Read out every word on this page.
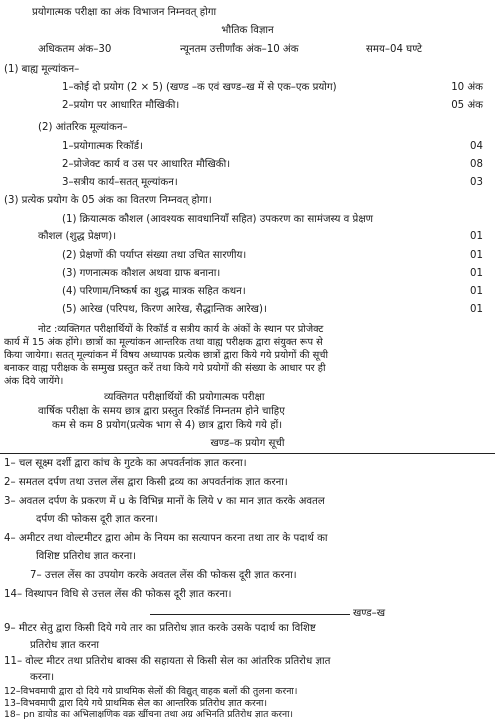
प्रयोगात्मक परीक्षा का अंक विभाजन निम्नवत् होगा
भौतिक विज्ञान
अधिकतम अंक–30	न्यूनतम उत्तीर्णांक अंक–10 अंक	समय–04 घण्टे
(1) बाह्य मूल्यांकन–
1–कोई दो प्रयोग (2 × 5) (खण्ड –क एवं खण्ड–ख में से एक–एक प्रयोग)	10 अंक
2–प्रयोग पर आधारित मौखिकी।	05 अंक
(2) आंतरिक मूल्यांकन–
1–प्रयोगात्मक रिकॉर्ड।	04
2–प्रोजेक्ट कार्य व उस पर आधारित मौखिकी।	08
3–सत्रीय कार्य–सतत् मूल्यांकन।	03
(3) प्रत्येक प्रयोग के 05 अंक का वितरण निम्नवत् होगा।
(1) क्रियात्मक कौशल (आवश्यक सावधानियाँ सहित) उपकरण का सामंजस्य व प्रेक्षण
कौशल (शुद्ध प्रेक्षण)।	01
(2) प्रेक्षणों की पर्याप्त संख्या तथा उचित सारणीय।	01
(3) गणनात्मक कौशल अथवा ग्राफ बनाना।	01
(4) परिणाम/निष्कर्ष का शुद्ध मात्रक सहित कथन।	01
(5) आरेख (परिपथ, किरण आरेख, सैद्धान्तिक आरेख)।	01
नोट :व्यक्तिगत परीक्षार्थियों के रिकॉर्ड व सत्रीय कार्य के अंकों के स्थान पर प्रोजेक्ट
कार्य में 15 अंक होंगे। छात्रों का मूल्यांकन आन्तरिक तथा वाह्य परीक्षक द्वारा संयुक्त रूप से
किया जायेगा। सतत् मूल्यांकन में विषय अध्यापक प्रत्येक छात्रों द्वारा किये गये प्रयोगों की सूची
बनाकर वाह्य परीक्षक के सम्मुख प्रस्तुत करें तथा किये गये प्रयोगों की संख्या के आधार पर ही
अंक दिये जायेंगे।
व्यक्तिगत परीक्षार्थियों की प्रयोगात्मक परीक्षा
वार्षिक परीक्षा के समय छात्र द्वारा प्रस्तुत रिकॉर्ड निम्नतम होने चाहिए
कम से कम 8 प्रयोग(प्रत्येक भाग से 4) छात्र द्वारा किये गये हों।
खण्ड–क प्रयोग सूची
1– चल सूक्ष्म दर्शी द्वारा कांच के गुटके का अपवर्तनांक ज्ञात करना।
2– समतल दर्पण तथा उत्तल लेंस द्वारा किसी द्रव्य का अपवर्तनांक ज्ञात करना।
3– अवतल दर्पण के प्रकरण में u के विभिन्न मानों के लिये v का मान ज्ञात करके अवतल
दर्पण की फोकस दूरी ज्ञात करना।
4– अमीटर तथा वोल्टमीटर द्वारा ओम के नियम का सत्यापन करना तथा तार के पदार्थ का
विशिष्ट प्रतिरोध ज्ञात करना।
7– उत्तल लेंस का उपयोग करके अवतल लेंस की फोकस दूरी ज्ञात करना।
14– विस्थापन विधि से उत्तल लेंस की फोकस दूरी ज्ञात करना।
खण्ड–ख
9– मीटर सेतु द्वारा किसी दिये गये तार का प्रतिरोध ज्ञात करके उसके पदार्थ का विशिष्ट
प्रतिरोध ज्ञात करना
11– वोल्ट मीटर तथा प्रतिरोध बाक्स की सहायता से किसी सेल का आंतरिक प्रतिरोध ज्ञात
करना।
12–विभवमापी द्वारा दो दिये गये प्राथमिक सेलों की विद्युत् वाहक बलों की तुलना करना।
13–विभवमापी द्वारा दिये गये प्राथमिक सेल का आन्तरिक प्रतिरोध ज्ञात करना।
18– pn डायोड का अभिलाक्षणिक वक्र खींचना तथा अग्र अभिनति प्रतिरोध ज्ञात करना।
